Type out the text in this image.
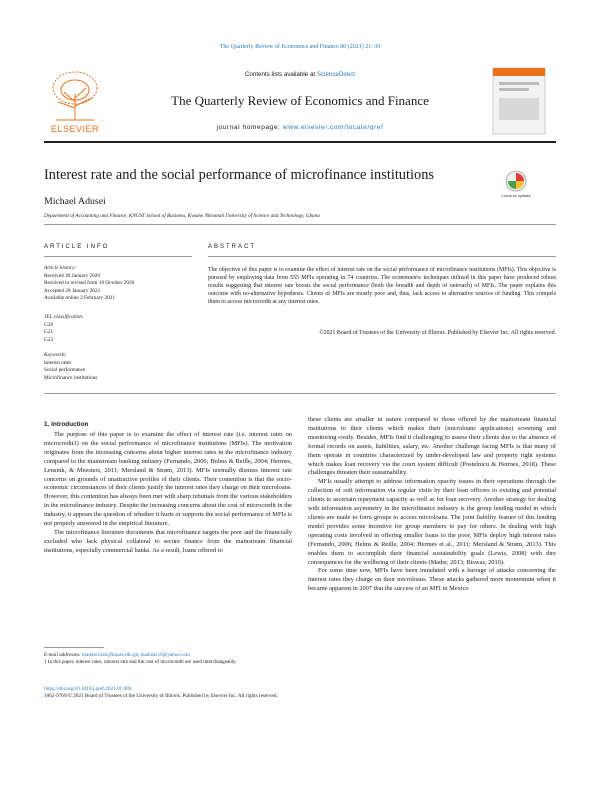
The Quarterly Review of Economics and Finance 80 (2021) 21–30
ELSEVIER
Contents lists available at ScienceDirect
The Quarterly Review of Economics and Finance
journal homepage: www.elsevier.com/locate/qref
Interest rate and the social performance of microfinance institutions
Check for updates
Michael Adusei
Department of Accounting and Finance, KNUST School of Business, Kwame Nkrumah University of Science and Technology, Ghana
ARTICLE INFO	ABSTRACT
Article history:
Received 30 January 2020
Received in revised form 18 October 2020
Accepted 28 January 2021
Available online 2 February 2021
JEL classification:
G20
G21
G23
Keywords:
Interest rates
Social performance
Microfinance institutions
The objective of this paper is to examine the effect of interest rate on the social performance of microfinance institutions (MFIs). This objective is pursued by employing data from 555 MFIs operating in 74 countries. The econometric techniques utilized in this paper have produced robust results suggesting that interest rate boosts the social performance (both the breadth and depth of outreach) of MFIs. The paper explains this outcome with no-alternative hypothesis. Clients of MFIs are mostly poor and, thus, lack access to alternative sources of funding. This compels them to access microcredit at any interest rates.
©2021 Board of Trustees of the University of Illinois. Published by Elsevier Inc. All rights reserved.
1. Introduction

The purpose of this paper is to examine the effect of interest rate (i.e. interest rates on microcredit1) on the social performance of microfinance institutions (MFIs). The motivation originates from the increasing concerns about higher interest rates in the microfinance industry compared to the mainstream banking industry (Fernando, 2006; Helms & Reille, 2004; Hermes, Lensink, & Meesters, 2011; Mersland & Strøm, 2013). MFIs normally dismiss interest rate concerns on grounds of unattractive profiles of their clients. Their contention is that the socio-economic circumstances of their clients justify the interest rates they charge on their microloans. However, this contention has always been met with sharp rebuttals from the various stakeholders in the microfinance industry. Despite the increasing concerns about the cost of microcredit in the industry, it appears the question of whether it hurts or supports the social performance of MFIs is not properly answered in the empirical literature.

The microfinance literature documents that microfinance targets the poor and the financially excluded who lack physical collateral to secure finance from the mainstream financial institutions, especially commercial banks. As a result, loans offered to

these clients are smaller in nature compared to those offered by the mainstream financial institutions to their clients which makes their (microloans applications) screening and monitoring costly. Besides, MFIs find it challenging to assess their clients due to the absence of formal records on assets, liabilities, salary, etc. Another challenge facing MFIs is that many of them operate in countries characterized by under-developed law and property right systems which makes loan recovery via the court system difficult (Postelnicu & Hermes, 2018). These challenges threaten their sustainability.

MFIs usually attempt to address information opacity issues in their operations through the collection of soft information via regular visits by their loan officers to existing and potential clients to ascertain repayment capacity as well as for loan recovery. Another strategy for dealing with information asymmetry in the microfinance industry is the group lending model in which clients are made to form groups to access microloans. The joint liability feature of this lending model provides some incentive for group members to pay for others. In dealing with high operating costs involved in offering smaller loans to the poor, MFIs deploy high interest rates (Fernando, 2006; Helms & Reille, 2004; Hermes et al., 2011; Mersland & Strøm, 2013). This enables them to accomplish their financial sustainability goals (Lewis, 2008) with dire consequences for the wellbeing of their clients (Mader, 2013; Biswas, 2010).

For some time now, MFIs have been inundated with a barrage of attacks concerning the interest rates they charge on their microloans. These attacks gathered more momentum when it became apparent in 2007 that the success of an MFI in Mexico

E-mail addresses: madusei.ksb@knust.edu.gh, madusei10@yahoo.com
1 In this paper, interest rates, interest rate and the cost of microcredit are used interchangeably.
https://doi.org/10.1016/j.qref.2021.01.009
1062-9769/© 2021 Board of Trustees of the University of Illinois. Published by Elsevier Inc. All rights reserved.
